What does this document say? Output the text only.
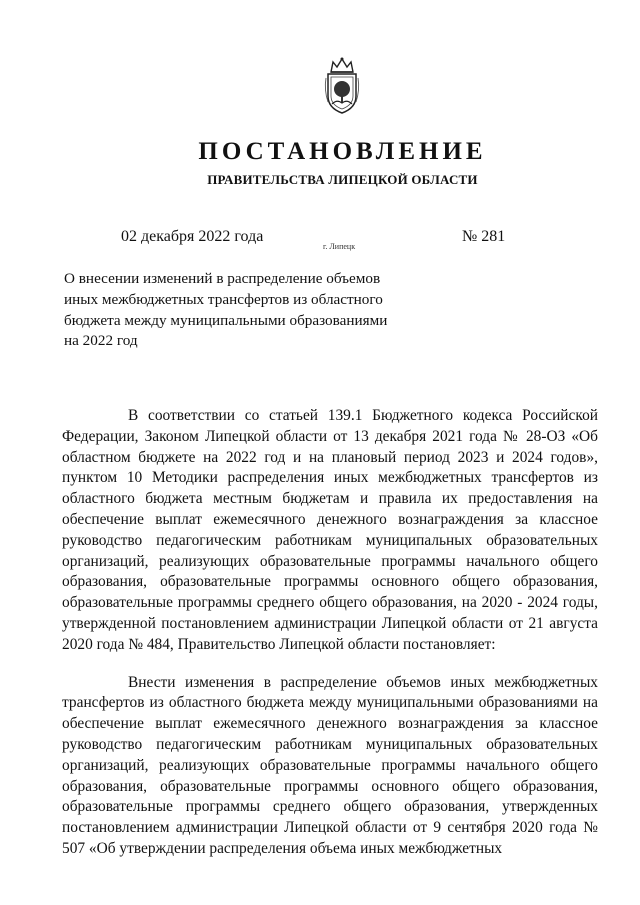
ПОСТАНОВЛЕНИЕ
ПРАВИТЕЛЬСТВА ЛИПЕЦКОЙ ОБЛАСТИ
02 декабря 2022 года
г. Липецк
№ 281
О внесении изменений в распределение объемов иных межбюджетных трансфертов из областного бюджета между муниципальными образованиями на 2022 год

В соответствии со статьей 139.1 Бюджетного кодекса Российской Федерации, Законом Липецкой области от 13 декабря 2021 года № 28-ОЗ «Об областном бюджете на 2022 год и на плановый период 2023 и 2024 годов», пунктом 10 Методики распределения иных межбюджетных трансфертов из областного бюджета местным бюджетам и правила их предоставления на обеспечение выплат ежемесячного денежного вознаграждения за классное руководство педагогическим работникам муниципальных образовательных организаций, реализующих образовательные программы начального общего образования, образовательные программы основного общего образования, образовательные программы среднего общего образования, на 2020 - 2024 годы, утвержденной постановлением администрации Липецкой области от 21 августа 2020 года № 484, Правительство Липецкой области постановляет:

Внести изменения в распределение объемов иных межбюджетных трансфертов из областного бюджета между муниципальными образованиями на обеспечение выплат ежемесячного денежного вознаграждения за классное руководство педагогическим работникам муниципальных образовательных организаций, реализующих образовательные программы начального общего образования, образовательные программы основного общего образования, образовательные программы среднего общего образования, утвержденных постановлением администрации Липецкой области от 9 сентября 2020 года № 507 «Об утверждении распределения объема иных межбюджетных
